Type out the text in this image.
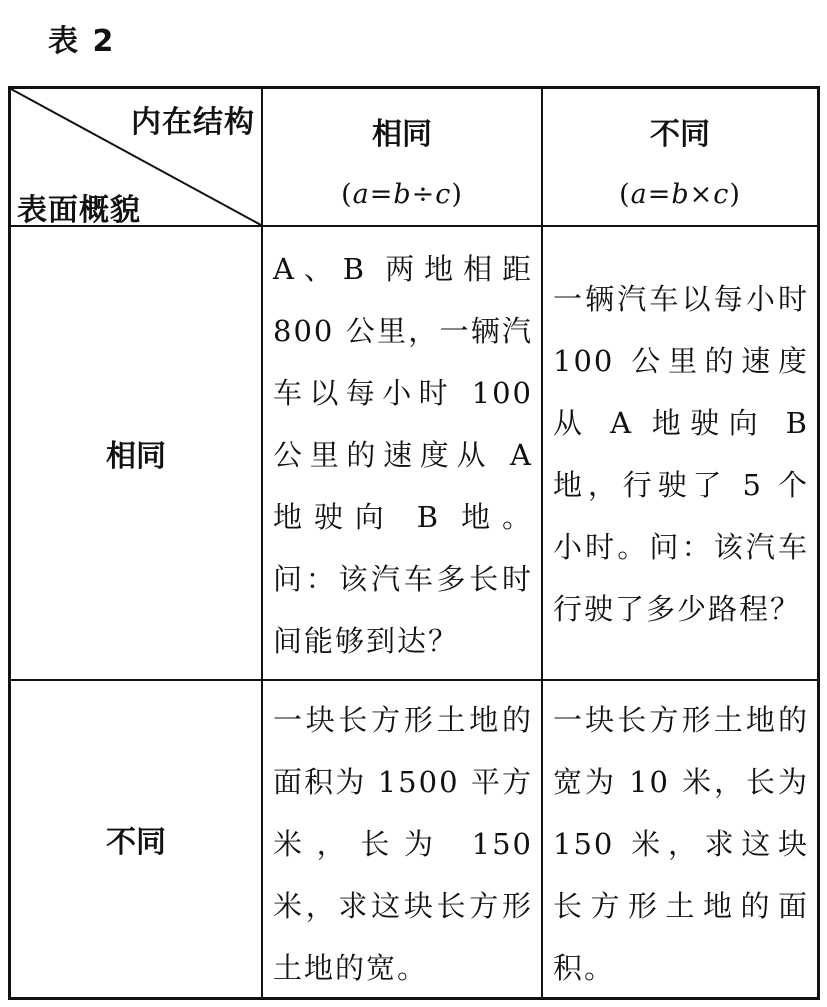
表 2
内在结构
表面概貌
相同
(a=b÷c)
不同
(a=b×c)
相同
A、B 两地相距 800 公里，一辆汽车以每小时 100 公里的速度从 A 地驶向 B 地。问：该汽车多长时间能够到达？
一辆汽车以每小时 100 公里的速度从 A 地驶向 B 地，行驶了 5 个小时。问：该汽车行驶了多少路程？
不同
一块长方形土地的面积为 1500 平方米，长为 150 米，求这块长方形土地的宽。
一块长方形土地的宽为 10 米，长为 150 米，求这块长方形土地的面积。
